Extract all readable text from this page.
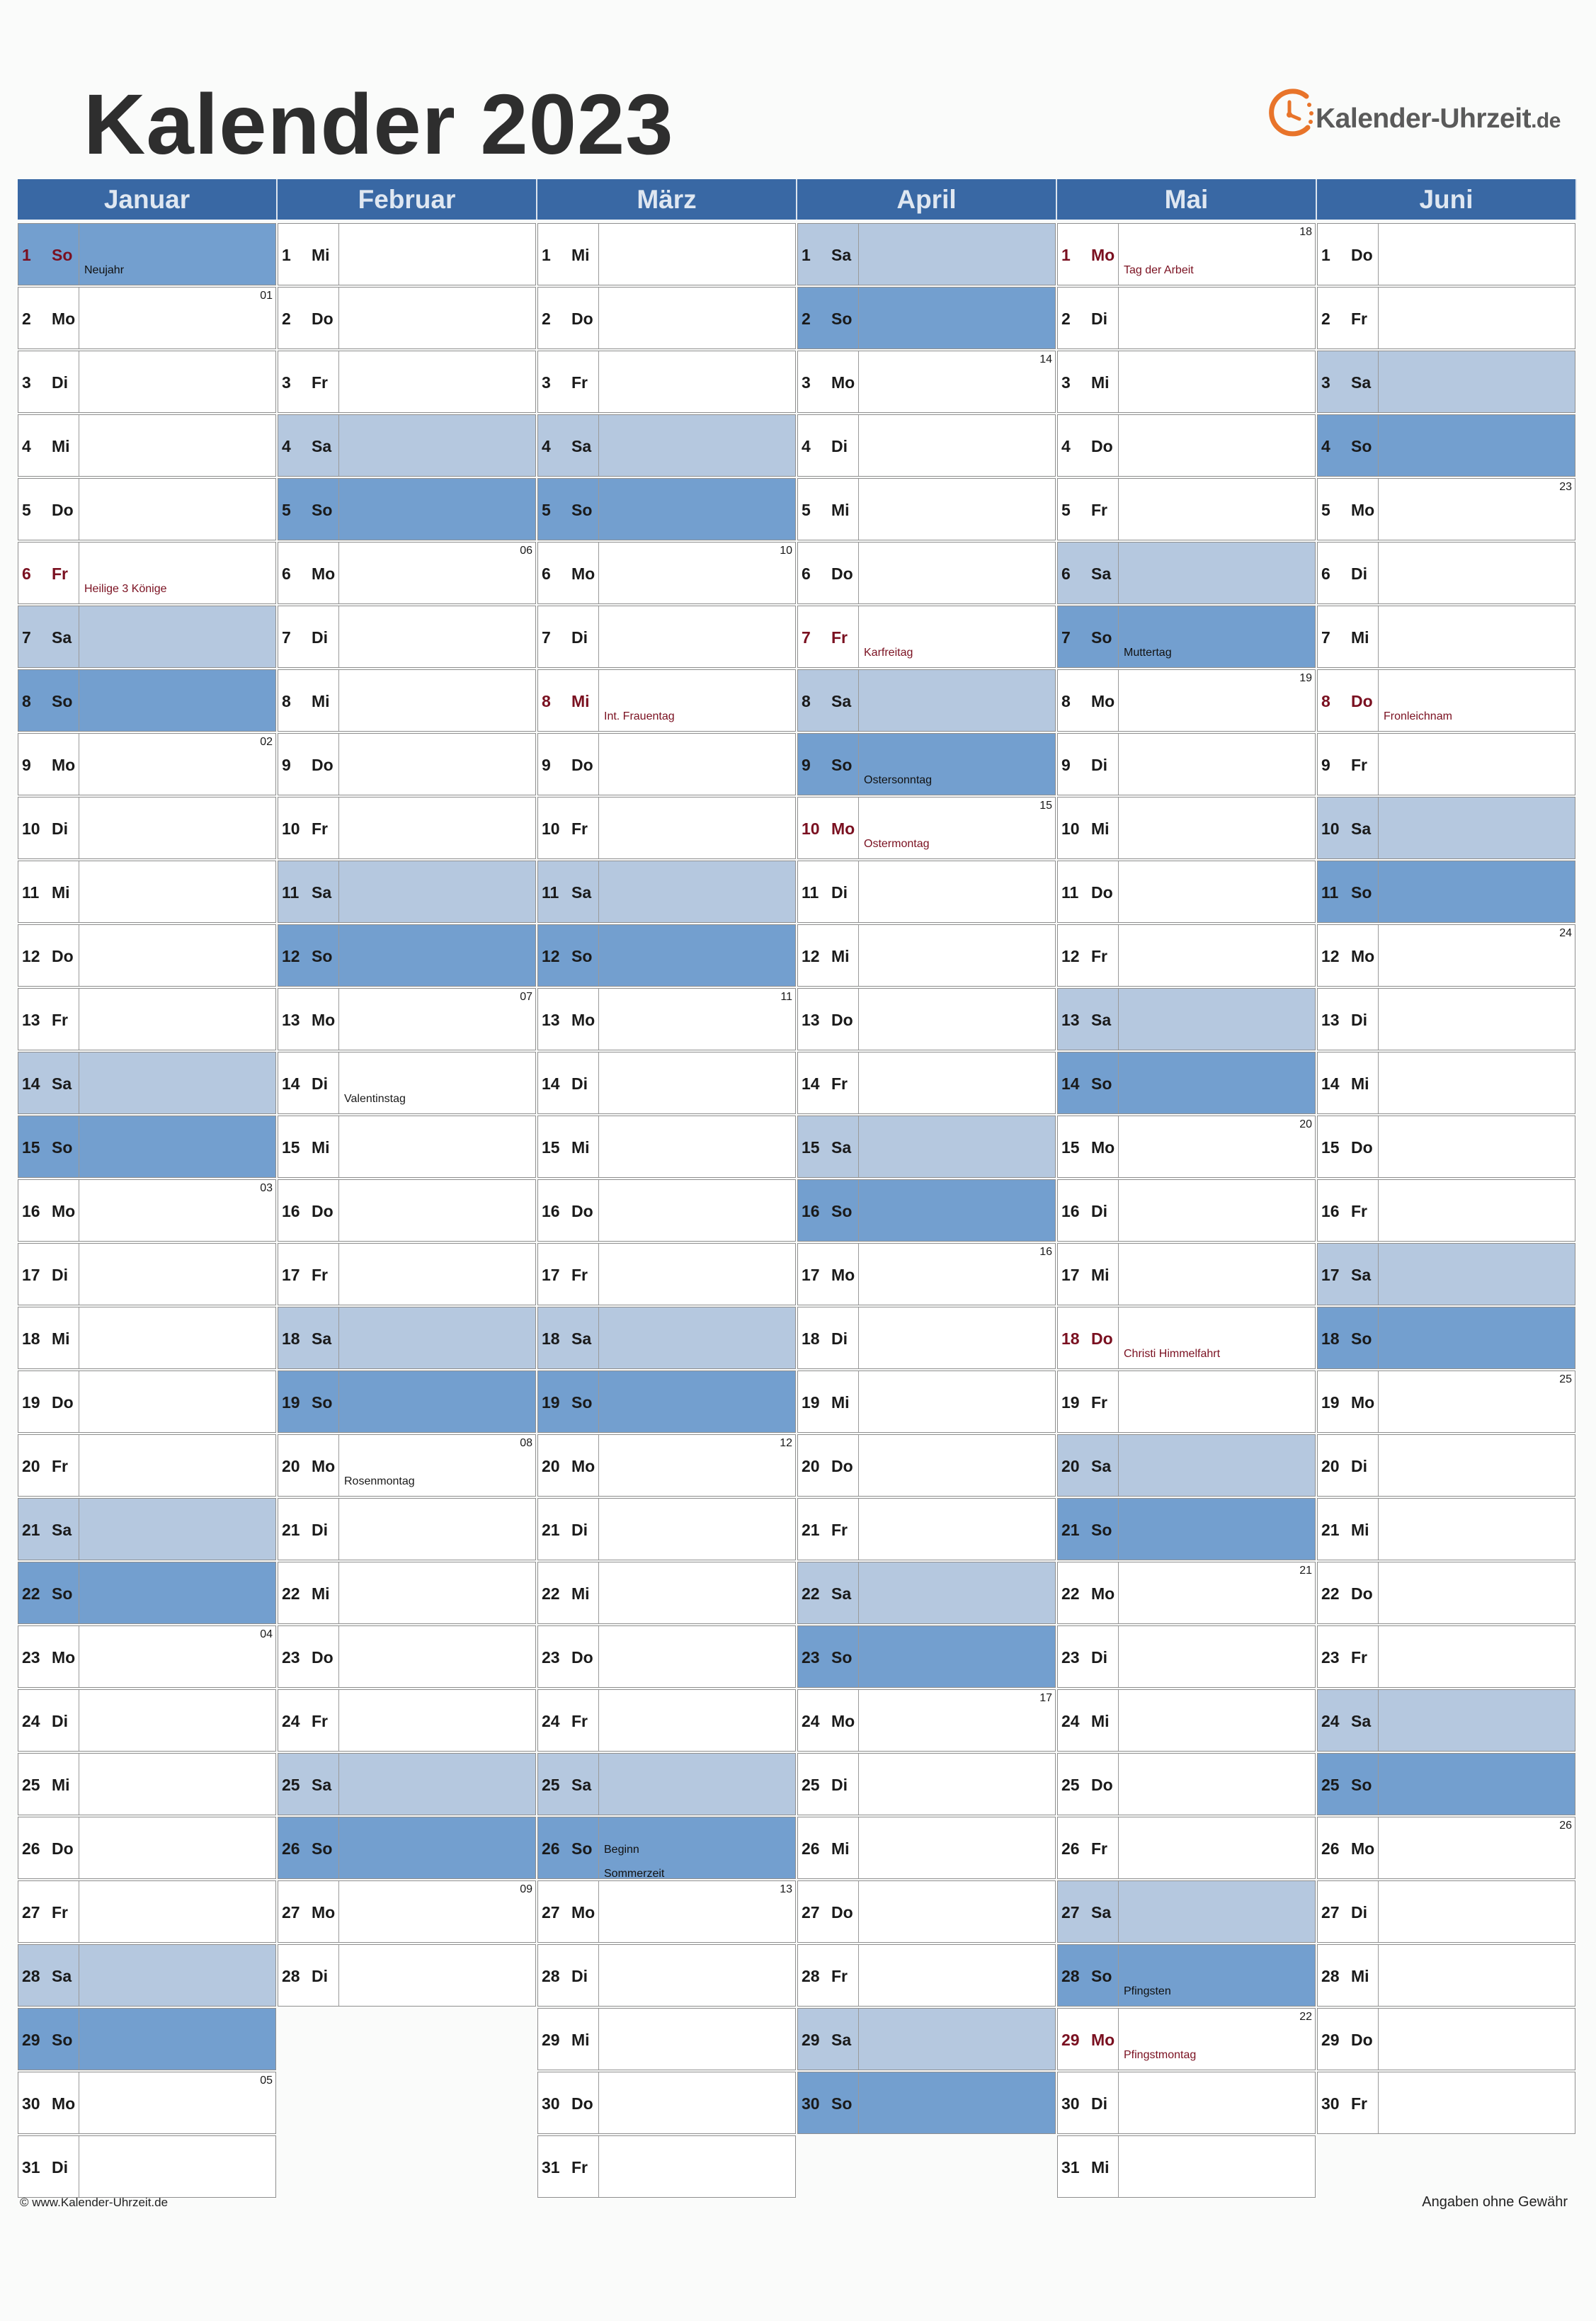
Kalender 2023	Kalender-Uhrzeit.de
Januar
1 So
Neujahr
2 Mo
01
3 Di
4 Mi
5 Do
6 Fr
Heilige 3 Könige
7 Sa
8 So
9 Mo
02
10 Di
11 Mi
12 Do
13 Fr
14 Sa
15 So
16 Mo
03
17 Di
18 Mi
19 Do
20 Fr
21 Sa
22 So
23 Mo
04
24 Di
25 Mi
26 Do
27 Fr
28 Sa
29 So
30 Mo
05
31 Di
Februar
1 Mi
2 Do
3 Fr
4 Sa
5 So
6 Mo
06
7 Di
8 Mi
9 Do
10 Fr
11 Sa
12 So
13 Mo
07
14 Di
Valentinstag
15 Mi
16 Do
17 Fr
18 Sa
19 So
20 Mo
Rosenmontag
08
21 Di
22 Mi
23 Do
24 Fr
25 Sa
26 So
27 Mo
09
28 Di
März
1 Mi
2 Do
3 Fr
4 Sa
5 So
6 Mo
10
7 Di
8 Mi
Int. Frauentag
9 Do
10 Fr
11 Sa
12 So
13 Mo
11
14 Di
15 Mi
16 Do
17 Fr
18 Sa
19 So
20 Mo
12
21 Di
22 Mi
23 Do
24 Fr
25 Sa
26 So Beginn Sommerzeit
27 Mo
13
28 Di
29 Mi
30 Do
31 Fr
April
1 Sa
2 So
3 Mo
14
4 Di
5 Mi
6 Do
7 Fr
Karfreitag
8 Sa
9 So
Ostersonntag
10 Mo
Ostermontag
15
11 Di
12 Mi
13 Do
14 Fr
15 Sa
16 So
17 Mo
16
18 Di
19 Mi
20 Do
21 Fr
22 Sa
23 So
24 Mo
17
25 Di
26 Mi
27 Do
28 Fr
29 Sa
30 So
Mai
1 Mo
Tag der Arbeit
18
2 Di
3 Mi
4 Do
5 Fr
6 Sa
7 So
Muttertag
8 Mo
19
9 Di
10 Mi
11 Do
12 Fr
13 Sa
14 So
15 Mo
20
16 Di
17 Mi
18 Do
Christi Himmelfahrt
19 Fr
20 Sa
21 So
22 Mo
21
23 Di
24 Mi
25 Do
26 Fr
27 Sa
28 So
Pfingsten
29 Mo
Pfingstmontag
22
30 Di
31 Mi
Juni
1 Do
2 Fr
3 Sa
4 So
5 Mo
23
6 Di
7 Mi
8 Do
Fronleichnam
9 Fr
10 Sa
11 So
12 Mo
24
13 Di
14 Mi
15 Do
16 Fr
17 Sa
18 So
19 Mo
25
20 Di
21 Mi
22 Do
23 Fr
24 Sa
25 So
26 Mo
26
27 Di
28 Mi
29 Do
30 Fr
© www.Kalender-Uhrzeit.de	Angaben ohne Gewähr
